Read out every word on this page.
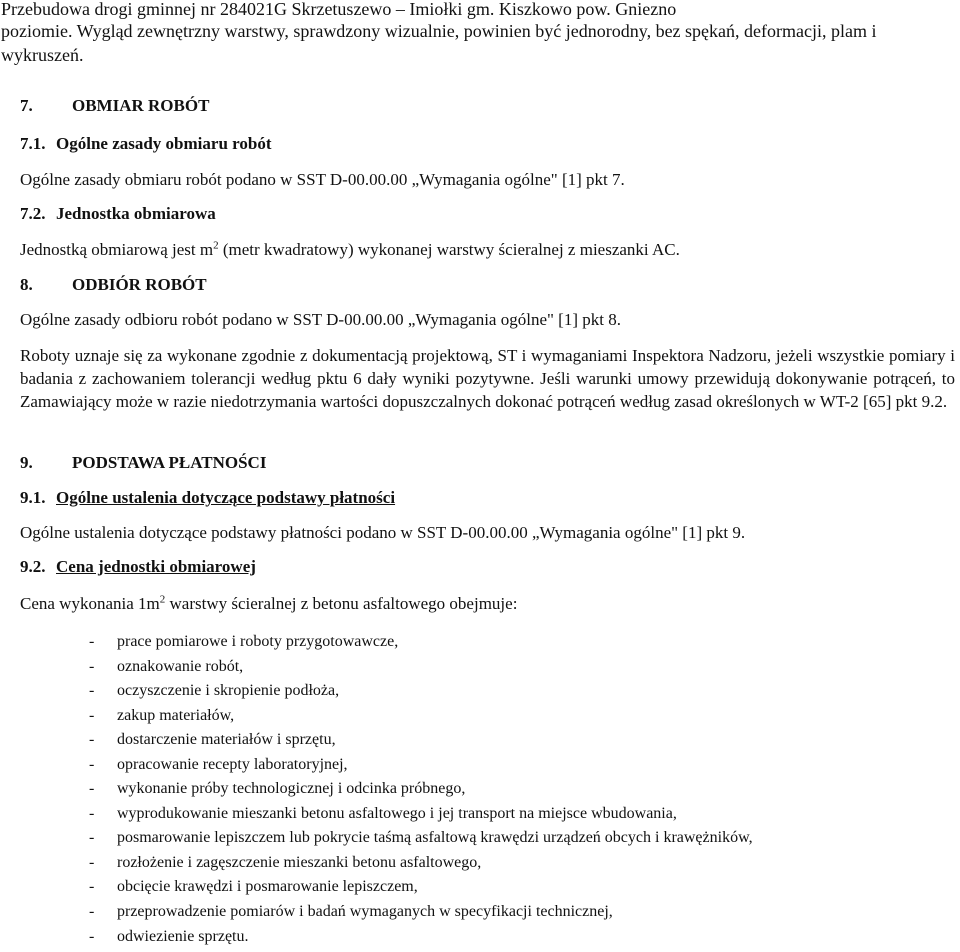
Przebudowa drogi gminnej nr 284021G Skrzetuszewo – Imiołki gm. Kiszkowo pow. Gniezno
poziomie. Wygląd zewnętrzny warstwy, sprawdzony wizualnie, powinien być jednorodny, bez spękań, deformacji, plam i
wykruszeń.
7. OBMIAR ROBÓT
7.1. Ogólne zasady obmiaru robót
Ogólne zasady obmiaru robót podano w SST D-00.00.00 „Wymagania ogólne" [1] pkt 7.
7.2. Jednostka obmiarowa
Jednostką obmiarową jest $m^2$ (metr kwadratowy) wykonanej warstwy ścieralnej z mieszanki AC.
8. ODBIÓR ROBÓT
Ogólne zasady odbioru robót podano w SST D-00.00.00 „Wymagania ogólne" [1] pkt 8.
Roboty uznaje się za wykonane zgodnie z dokumentacją projektową, ST i wymaganiami Inspektora Nadzoru, jeżeli wszystkie pomiary i badania z zachowaniem tolerancji według pktu 6 dały wyniki pozytywne. Jeśli warunki umowy przewidują dokonywanie potrąceń, to Zamawiający może w razie niedotrzymania wartości dopuszczalnych dokonać potrąceń według zasad określonych w WT-2 [65] pkt 9.2.
9. PODSTAWA PŁATNOŚCI
9.1. Ogólne ustalenia dotyczące podstawy płatności
Ogólne ustalenia dotyczące podstawy płatności podano w SST D-00.00.00 „Wymagania ogólne" [1] pkt 9.
9.2. Cena jednostki obmiarowej
Cena wykonania $1m^2$ warstwy ścieralnej z betonu asfaltowego obejmuje:
- prace pomiarowe i roboty przygotowawcze,
- oznakowanie robót,
- oczyszczenie i skropienie podłoża,
- zakup materiałów,
- dostarczenie materiałów i sprzętu,
- opracowanie recepty laboratoryjnej,
- wykonanie próby technologicznej i odcinka próbnego,
- wyprodukowanie mieszanki betonu asfaltowego i jej transport na miejsce wbudowania,
- posmarowanie lepiszczem lub pokrycie taśmą asfaltową krawędzi urządzeń obcych i krawężników,
- rozłożenie i zagęszczenie mieszanki betonu asfaltowego,
- obcięcie krawędzi i posmarowanie lepiszczem,
- przeprowadzenie pomiarów i badań wymaganych w specyfikacji technicznej,
- odwiezienie sprzętu.
